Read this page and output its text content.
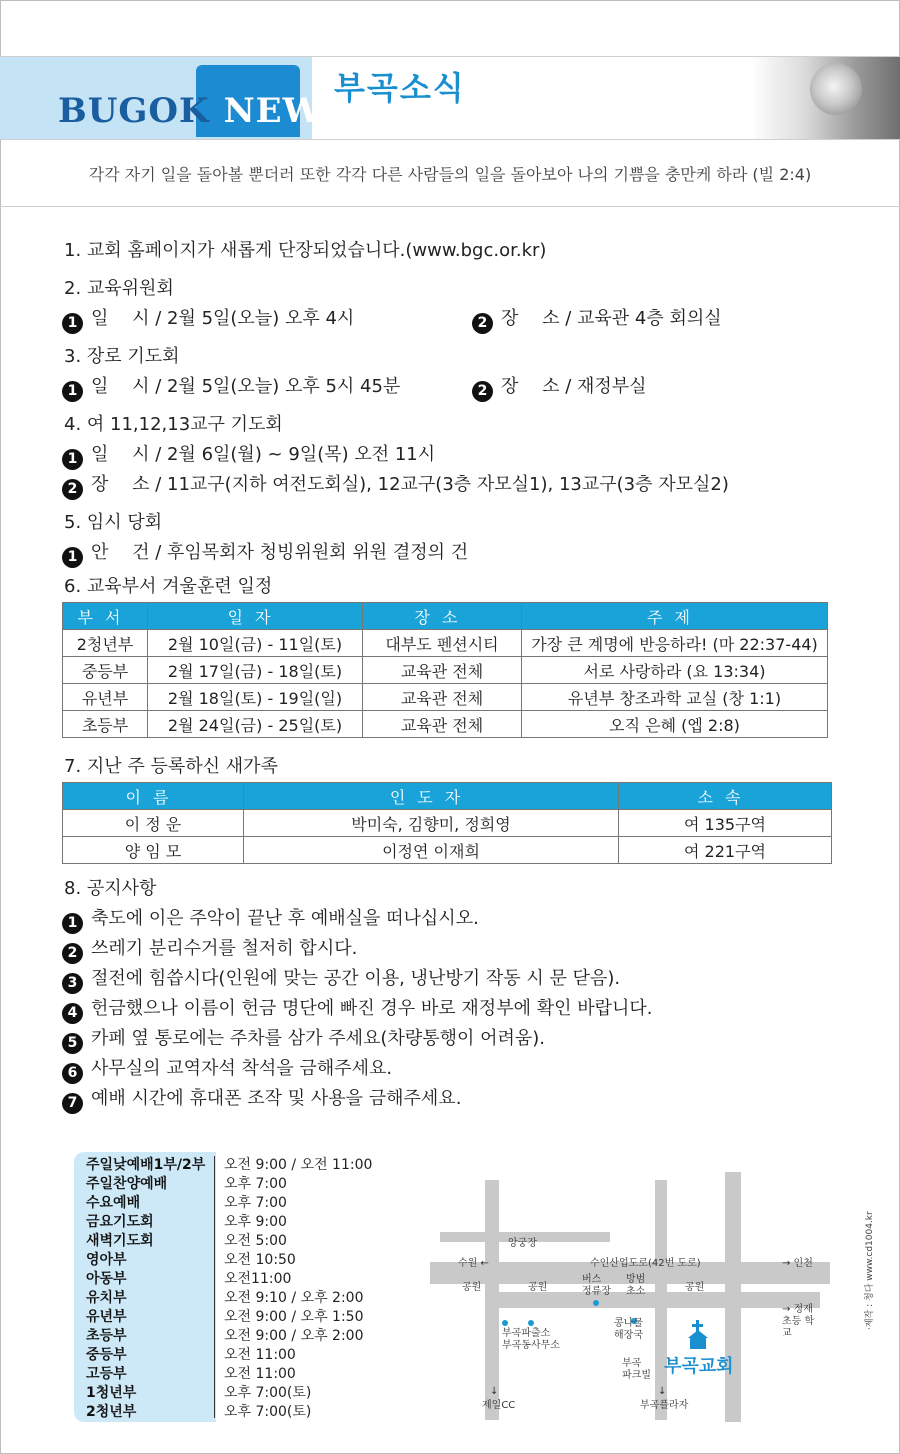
BUGOK NEWS
부곡소식
각각 자기 일을 돌아볼 뿐더러 또한 각각 다른 사람들의 일을 돌아보아 나의 기쁨을 충만케 하라 (빌 2:4)
1. 교회 홈페이지가 새롭게 단장되었습니다.(www.bgc.or.kr)
2. 교육위원회
1 일　 시 / 2월 5일(오늘) 오후 4시	2 장　 소 / 교육관 4층 회의실
3. 장로 기도회
1 일　 시 / 2월 5일(오늘) 오후 5시 45분	2 장　 소 / 재정부실
4. 여 11,12,13교구 기도회
1 일　 시 / 2월 6일(월) ~ 9일(목) 오전 11시
2 장　 소 / 11교구(지하 여전도회실), 12교구(3층 자모실1), 13교구(3층 자모실2)
5. 임시 당회
1 안　 건 / 후임목회자 청빙위원회 위원 결정의 건
6. 교육부서 겨울훈련 일정
부서	일자	장소	주제
2청년부	2월 10일(금) - 11일(토)	대부도 펜션시티	가장 큰 계명에 반응하라! (마 22:37-44)
중등부	2월 17일(금) - 18일(토)	교육관 전체	서로 사랑하라 (요 13:34)
유년부	2월 18일(토) - 19일(일)	교육관 전체	유년부 창조과학 교실 (창 1:1)
초등부	2월 24일(금) - 25일(토)	교육관 전체	오직 은혜 (엡 2:8)
7. 지난 주 등록하신 새가족
이름	인도자	소속
이 정 운	박미숙, 김향미, 정희영	여 135구역
양 임 모	이정연 이재희	여 221구역
8. 공지사항
1 축도에 이은 주악이 끝난 후 예배실을 떠나십시오.
2 쓰레기 분리수거를 철저히 합시다.
3 절전에 힘씁시다(인원에 맞는 공간 이용, 냉난방기 작동 시 문 닫음).
4 헌금했으나 이름이 헌금 명단에 빠진 경우 바로 재정부에 확인 바랍니다.
5 카페 옆 통로에는 주차를 삼가 주세요(차량통행이 어려움).
6 사무실의 교역자석 착석을 금해주세요.
7 예배 시간에 휴대폰 조작 및 사용을 금해주세요.
주일낮예배1부/2부 오전 9:00 / 오전 11:00
주일찬양예배	오후 7:00
수요예배	오후 7:00
금요기도회	오후 9:00
새벽기도회	오전 5:00
영아부	오전 10:50
아동부	오전11:00
유치부	오전 9:10 / 오후 2:00
유년부	오전 9:00 / 오후 1:50
초등부	오전 9:00 / 오후 2:00
중등부	오전 11:00
고등부	오전 11:00
1청년부	오후 7:00(토)
2청년부	오후 7:00(토)
앙궁장
수원 ←	수인산업도로(42번 도로)	→ 인천
공원	공원	공원
버스 정류장
방범 초소
부곡파출소 부곡동사무소
→ 정재 초등 학교
콩나물 해장국
부곡 파크빌 부곡교회
↓
제일CC
↓
부곡플라자
·제작 : 청다 www.cd1004.kr
